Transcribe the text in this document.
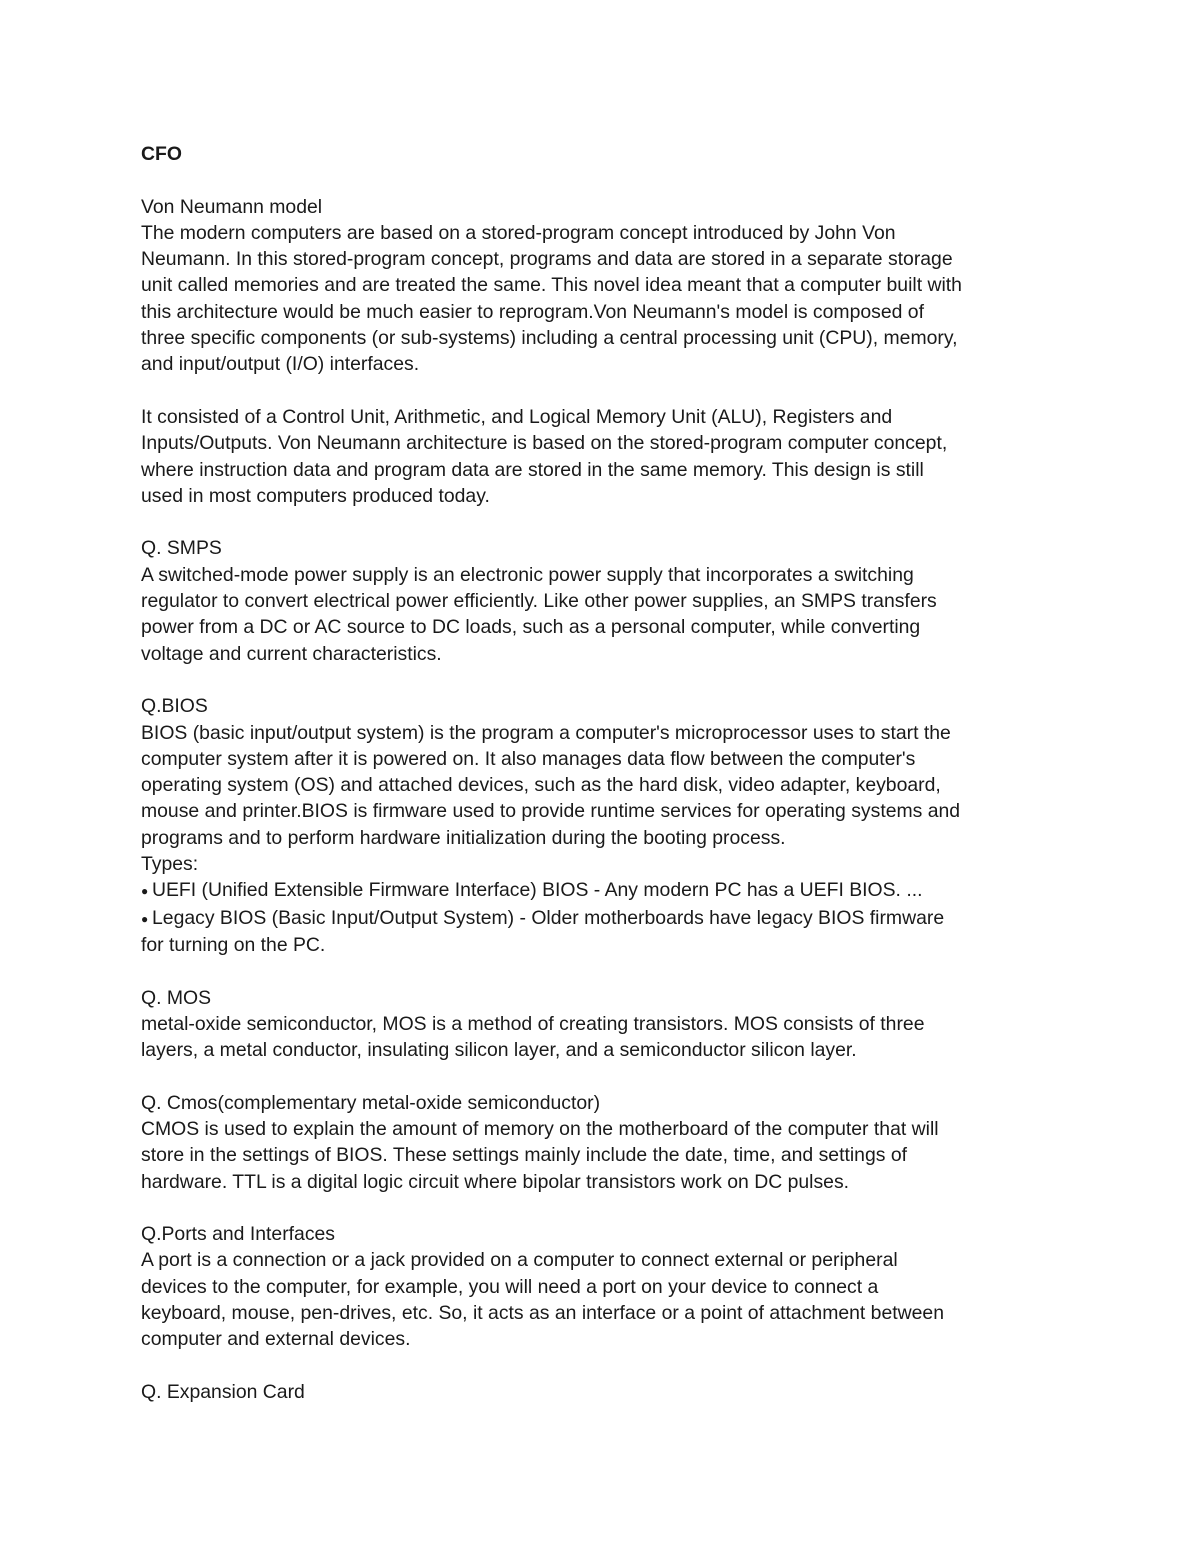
CFO
Von Neumann model
The modern computers are based on a stored-program concept introduced by John Von
Neumann. In this stored-program concept, programs and data are stored in a separate storage
unit called memories and are treated the same. This novel idea meant that a computer built with
this architecture would be much easier to reprogram.Von Neumann's model is composed of
three specific components (or sub-systems) including a central processing unit (CPU), memory,
and input/output (I/O) interfaces.
It consisted of a Control Unit, Arithmetic, and Logical Memory Unit (ALU), Registers and
Inputs/Outputs. Von Neumann architecture is based on the stored-program computer concept,
where instruction data and program data are stored in the same memory. This design is still
used in most computers produced today.
Q. SMPS
A switched-mode power supply is an electronic power supply that incorporates a switching
regulator to convert electrical power efficiently. Like other power supplies, an SMPS transfers
power from a DC or AC source to DC loads, such as a personal computer, while converting
voltage and current characteristics.
Q.BIOS
BIOS (basic input/output system) is the program a computer's microprocessor uses to start the
computer system after it is powered on. It also manages data flow between the computer's
operating system (OS) and attached devices, such as the hard disk, video adapter, keyboard,
mouse and printer.BIOS is firmware used to provide runtime services for operating systems and
programs and to perform hardware initialization during the booting process.
Types:
● UEFI (Unified Extensible Firmware Interface) BIOS - Any modern PC has a UEFI BIOS. ...
● Legacy BIOS (Basic Input/Output System) - Older motherboards have legacy BIOS firmware
for turning on the PC.
Q. MOS
metal-oxide semiconductor, MOS is a method of creating transistors. MOS consists of three
layers, a metal conductor, insulating silicon layer, and a semiconductor silicon layer.
Q. Cmos(complementary metal-oxide semiconductor)
CMOS is used to explain the amount of memory on the motherboard of the computer that will
store in the settings of BIOS. These settings mainly include the date, time, and settings of
hardware. TTL is a digital logic circuit where bipolar transistors work on DC pulses.
Q.Ports and Interfaces
A port is a connection or a jack provided on a computer to connect external or peripheral
devices to the computer, for example, you will need a port on your device to connect a
keyboard, mouse, pen-drives, etc. So, it acts as an interface or a point of attachment between
computer and external devices.
Q. Expansion Card
